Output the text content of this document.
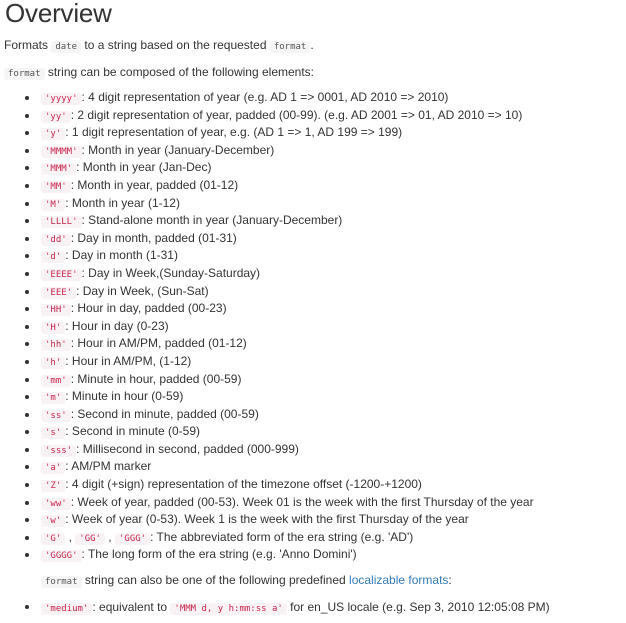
Overview
Formats date to a string based on the requested format .
format string can be composed of the following elements:
'yyyy' : 4 digit representation of year (e.g. AD 1 => 0001, AD 2010 => 2010)
'yy' : 2 digit representation of year, padded (00-99). (e.g. AD 2001 => 01, AD 2010 => 10)
'y' : 1 digit representation of year, e.g. (AD 1 => 1, AD 199 => 199)
'MMMM' : Month in year (January-December)
'MMM' : Month in year (Jan-Dec)
'MM' : Month in year, padded (01-12)
'M' : Month in year (1-12)
'LLLL' : Stand-alone month in year (January-December)
'dd' : Day in month, padded (01-31)
'd' : Day in month (1-31)
'EEEE' : Day in Week,(Sunday-Saturday)
'EEE' : Day in Week, (Sun-Sat)
'HH' : Hour in day, padded (00-23)
'H' : Hour in day (0-23)
'hh' : Hour in AM/PM, padded (01-12)
'h' : Hour in AM/PM, (1-12)
'mm' : Minute in hour, padded (00-59)
'm' : Minute in hour (0-59)
'ss' : Second in minute, padded (00-59)
's' : Second in minute (0-59)
'sss' : Millisecond in second, padded (000-999)
'a' : AM/PM marker
'Z' : 4 digit (+sign) representation of the timezone offset (-1200-+1200)
'ww' : Week of year, padded (00-53). Week 01 is the week with the first Thursday of the year
'w' : Week of year (0-53). Week 1 is the week with the first Thursday of the year
'G' , 'GG' , 'GGG' : The abbreviated form of the era string (e.g. 'AD')
'GGGG' : The long form of the era string (e.g. 'Anno Domini')
format string can also be one of the following predefined localizable formats:
'medium' : equivalent to 'MMM d, y h:mm:ss a' for en_US locale (e.g. Sep 3, 2010 12:05:08 PM)
